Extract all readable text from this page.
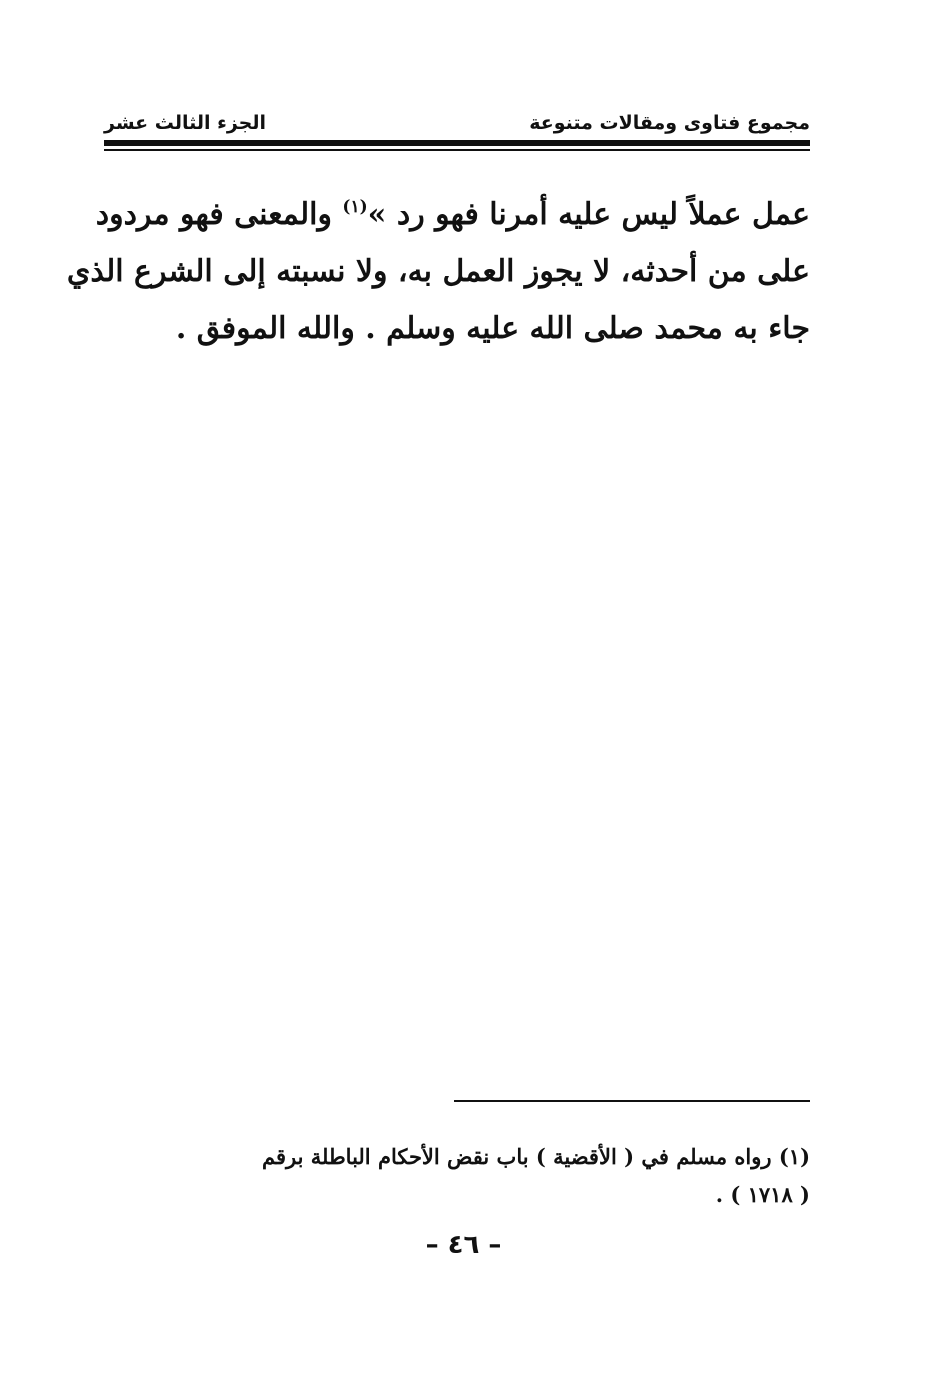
مجموع فتاوى ومقالات متنوعة
الجزء الثالث عشر
عمل عملاً ليس عليه أمرنا فهو رد »$^{(١)}$ والمعنى فهو مردود
على من أحدثه، لا يجوز العمل به، ولا نسبته إلى الشرع الذي
جاء به محمد صلى الله عليه وسلم . والله الموفق .
(١) رواه مسلم في ( الأقضية ) باب نقض الأحكام الباطلة برقم
( ١٧١٨ ) .
– ٤٦ –
